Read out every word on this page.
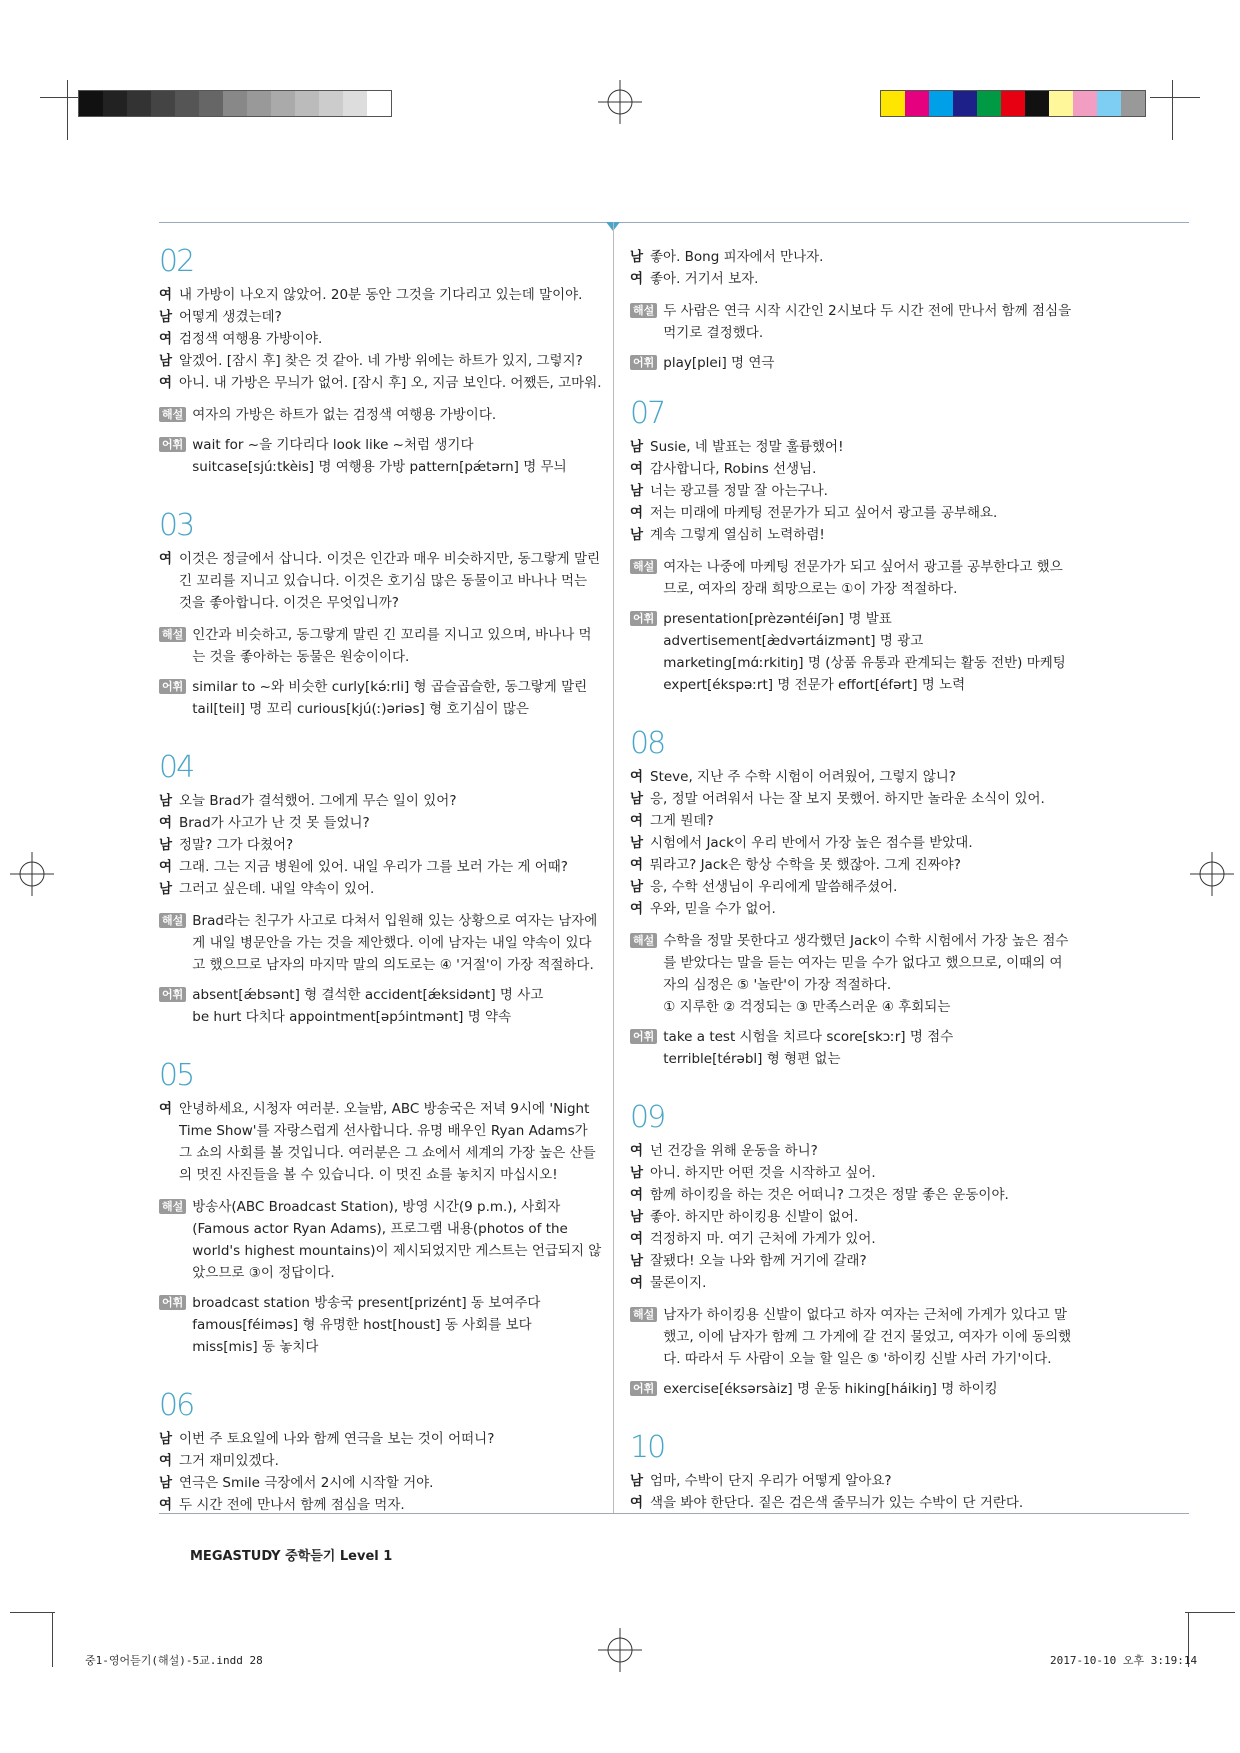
02
여 내 가방이 나오지 않았어. 20분 동안 그것을 기다리고 있는데 말이야.
남 어떻게 생겼는데?
여 검정색 여행용 가방이야.
남 알겠어. [잠시 후] 찾은 것 같아. 네 가방 위에는 하트가 있지, 그렇지?
여 아니. 내 가방은 무늬가 없어. [잠시 후] 오, 지금 보인다. 어쨌든, 고마워.
해설 여자의 가방은 하트가 없는 검정색 여행용 가방이다.
어휘 wait for ~을 기다리다 look like ~처럼 생기다
suitcase[sjúːtkèis] 명 여행용 가방 pattern[pǽtərn] 명 무늬
03
여 이것은 정글에서 삽니다. 이것은 인간과 매우 비슷하지만, 동그랗게 말린 긴 꼬리를 지니고 있습니다. 이것은 호기심 많은 동물이고 바나나 먹는 것을 좋아합니다. 이것은 무엇입니까?
해설 인간과 비슷하고, 동그랗게 말린 긴 꼬리를 지니고 있으며, 바나나 먹는 것을 좋아하는 동물은 원숭이이다.
어휘 similar to ~와 비슷한 curly[kə́ːrli] 형 곱슬곱슬한, 동그랗게 말린
tail[teil] 명 꼬리 curious[kjú(ː)əriəs] 형 호기심이 많은
04
남 오늘 Brad가 결석했어. 그에게 무슨 일이 있어?
여 Brad가 사고가 난 것 못 들었니?
남 정말? 그가 다쳤어?
여 그래. 그는 지금 병원에 있어. 내일 우리가 그를 보러 가는 게 어때?
남 그러고 싶은데. 내일 약속이 있어.
해설 Brad라는 친구가 사고로 다쳐서 입원해 있는 상황으로 여자는 남자에게 내일 병문안을 가는 것을 제안했다. 이에 남자는 내일 약속이 있다고 했으므로 남자의 마지막 말의 의도로는 ④ '거절'이 가장 적절하다.
어휘 absent[ǽbsənt] 형 결석한 accident[ǽksidənt] 명 사고
be hurt 다치다 appointment[əpɔ́intmənt] 명 약속
05
여 안녕하세요, 시청자 여러분. 오늘밤, ABC 방송국은 저녁 9시에 'Night Time Show'를 자랑스럽게 선사합니다. 유명 배우인 Ryan Adams가 그 쇼의 사회를 볼 것입니다. 여러분은 그 쇼에서 세계의 가장 높은 산들의 멋진 사진들을 볼 수 있습니다. 이 멋진 쇼를 놓치지 마십시오!
해설 방송사(ABC Broadcast Station), 방영 시간(9 p.m.), 사회자(Famous actor Ryan Adams), 프로그램 내용(photos of the world's highest mountains)이 제시되었지만 게스트는 언급되지 않았으므로 ③이 정답이다.
어휘 broadcast station 방송국 present[prizént] 동 보여주다
famous[féiməs] 형 유명한 host[houst] 동 사회를 보다
miss[mis] 동 놓치다
06
남 이번 주 토요일에 나와 함께 연극을 보는 것이 어떠니?
여 그거 재미있겠다.
남 연극은 Smile 극장에서 2시에 시작할 거야.
여 두 시간 전에 만나서 함께 점심을 먹자.
남 좋아. Bong 피자에서 만나자.
여 좋아. 거기서 보자.
해설 두 사람은 연극 시작 시간인 2시보다 두 시간 전에 만나서 함께 점심을 먹기로 결정했다.
어휘 play[plei] 명 연극
07
남 Susie, 네 발표는 정말 훌륭했어!
여 감사합니다, Robins 선생님.
남 너는 광고를 정말 잘 아는구나.
여 저는 미래에 마케팅 전문가가 되고 싶어서 광고를 공부해요.
남 계속 그렇게 열심히 노력하렴!
해설 여자는 나중에 마케팅 전문가가 되고 싶어서 광고를 공부한다고 했으므로, 여자의 장래 희망으로는 ①이 가장 적절하다.
어휘 presentation[prèzəntéiʃən] 명 발표
advertisement[æ̀dvərtáizmənt] 명 광고
marketing[mɑ́ːrkitiŋ] 명 (상품 유통과 관계되는 활동 전반) 마케팅
expert[ékspəːrt] 명 전문가 effort[éfərt] 명 노력
08
여 Steve, 지난 주 수학 시험이 어려웠어, 그렇지 않니?
남 응, 정말 어려워서 나는 잘 보지 못했어. 하지만 놀라운 소식이 있어.
여 그게 뭔데?
남 시험에서 Jack이 우리 반에서 가장 높은 점수를 받았대.
여 뭐라고? Jack은 항상 수학을 못 했잖아. 그게 진짜야?
남 응, 수학 선생님이 우리에게 말씀해주셨어.
여 우와, 믿을 수가 없어.
해설 수학을 정말 못한다고 생각했던 Jack이 수학 시험에서 가장 높은 점수를 받았다는 말을 듣는 여자는 믿을 수가 없다고 했으므로, 이때의 여자의 심정은 ⑤ '놀란'이 가장 적절하다.
① 지루한 ② 걱정되는 ③ 만족스러운 ④ 후회되는
어휘 take a test 시험을 치르다 score[skɔːr] 명 점수
terrible[térəbl] 형 형편 없는
09
여 넌 건강을 위해 운동을 하니?
남 아니. 하지만 어떤 것을 시작하고 싶어.
여 함께 하이킹을 하는 것은 어떠니? 그것은 정말 좋은 운동이야.
남 좋아. 하지만 하이킹용 신발이 없어.
여 걱정하지 마. 여기 근처에 가게가 있어.
남 잘됐다! 오늘 나와 함께 거기에 갈래?
여 물론이지.
해설 남자가 하이킹용 신발이 없다고 하자 여자는 근처에 가게가 있다고 말했고, 이에 남자가 함께 그 가게에 갈 건지 물었고, 여자가 이에 동의했다. 따라서 두 사람이 오늘 할 일은 ⑤ '하이킹 신발 사러 가기'이다.
어휘 exercise[éksərsàiz] 명 운동 hiking[háikiŋ] 명 하이킹
10
남 엄마, 수박이 단지 우리가 어떻게 알아요?
여 색을 봐야 한단다. 짙은 검은색 줄무늬가 있는 수박이 단 거란다.
MEGASTUDY 중학듣기 Level 1
중1-영어듣기(해설)-5교.indd 28	2017-10-10 오후 3:19:14
